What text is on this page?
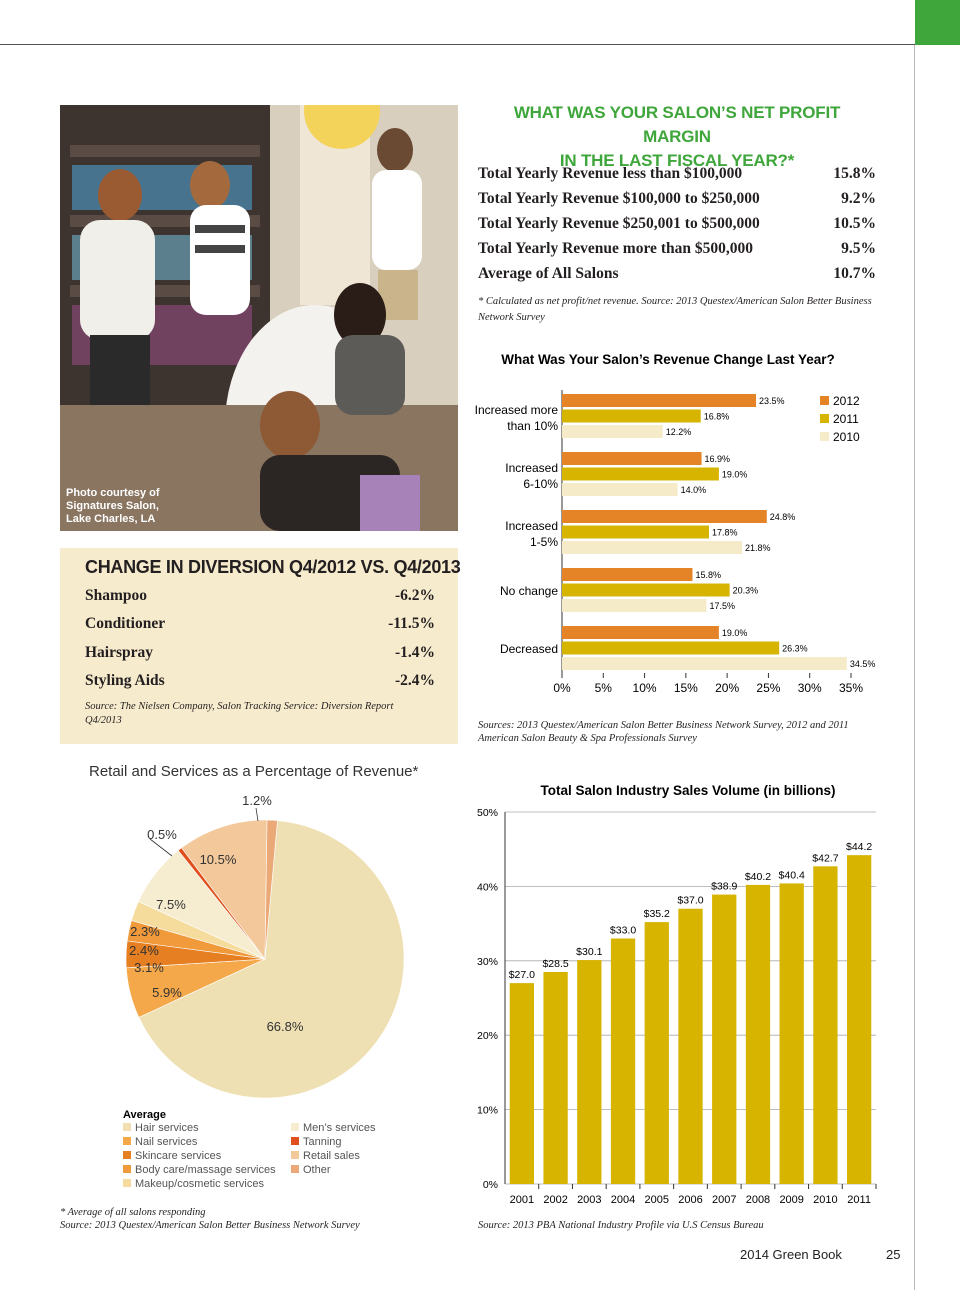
Photo courtesy of
Signatures Salon,
Lake Charles, LA
WHAT WAS YOUR SALON’S NET PROFIT MARGIN
IN THE LAST FISCAL YEAR?*
Total Yearly Revenue less than $100,000	15.8%
Total Yearly Revenue $100,000 to $250,000	9.2%
Total Yearly Revenue $250,001 to $500,000	10.5%
Total Yearly Revenue more than $500,000	9.5%
Average of All Salons	10.7%
* Calculated as net profit/net revenue. Source: 2013 Questex/American Salon Better Business Network Survey
CHANGE IN DIVERSION Q4/2012 VS. Q4/2013
Shampoo	-6.2%
Conditioner	-11.5%
Hairspray	-1.4%
Styling Aids	-2.4%
Source: The Nielsen Company, Salon Tracking Service: Diversion Report Q4/2013
What Was Your Salon’s Revenue Change Last Year?
2012
2011
2010
23.5%
16.8%
12.2%
Increased more
than 10%
16.9%
19.0%
14.0%
Increased
6-10%
24.8%
17.8%
21.8%
Increased
1-5%
15.8%
20.3%
17.5%
No change
19.0%
26.3%
34.5%
Decreased
0% 5% 10% 15% 20% 25% 30% 35%
Sources: 2013 Questex/American Salon Better Business Network Survey, 2012 and 2011 American Salon Beauty & Spa Professionals Survey
Retail and Services as a Percentage of Revenue*
66.8%
5.9%
3.1%
2.4%
2.3%
7.5%
0.5%
10.5%
1.2%
Average
Hair services
Nail services
Skincare services
Body care/massage services
Makeup/cosmetic services
Men’s services
Tanning
Retail sales
Other
* Average of all salons responding
Source: 2013 Questex/American Salon Better Business Network Survey
Total Salon Industry Sales Volume (in billions)
0%
10%
20%
30%
40%
50%
$27.0
2001
$28.5
2002
$30.1
2003
$33.0
2004
$35.2
2005
$37.0
2006
$38.9
2007
$40.2
2008
$40.4
2009
$42.7
2010
$44.2
2011
Source: 2013 PBA National Industry Profile via U.S Census Bureau
2014 Green Book	25
